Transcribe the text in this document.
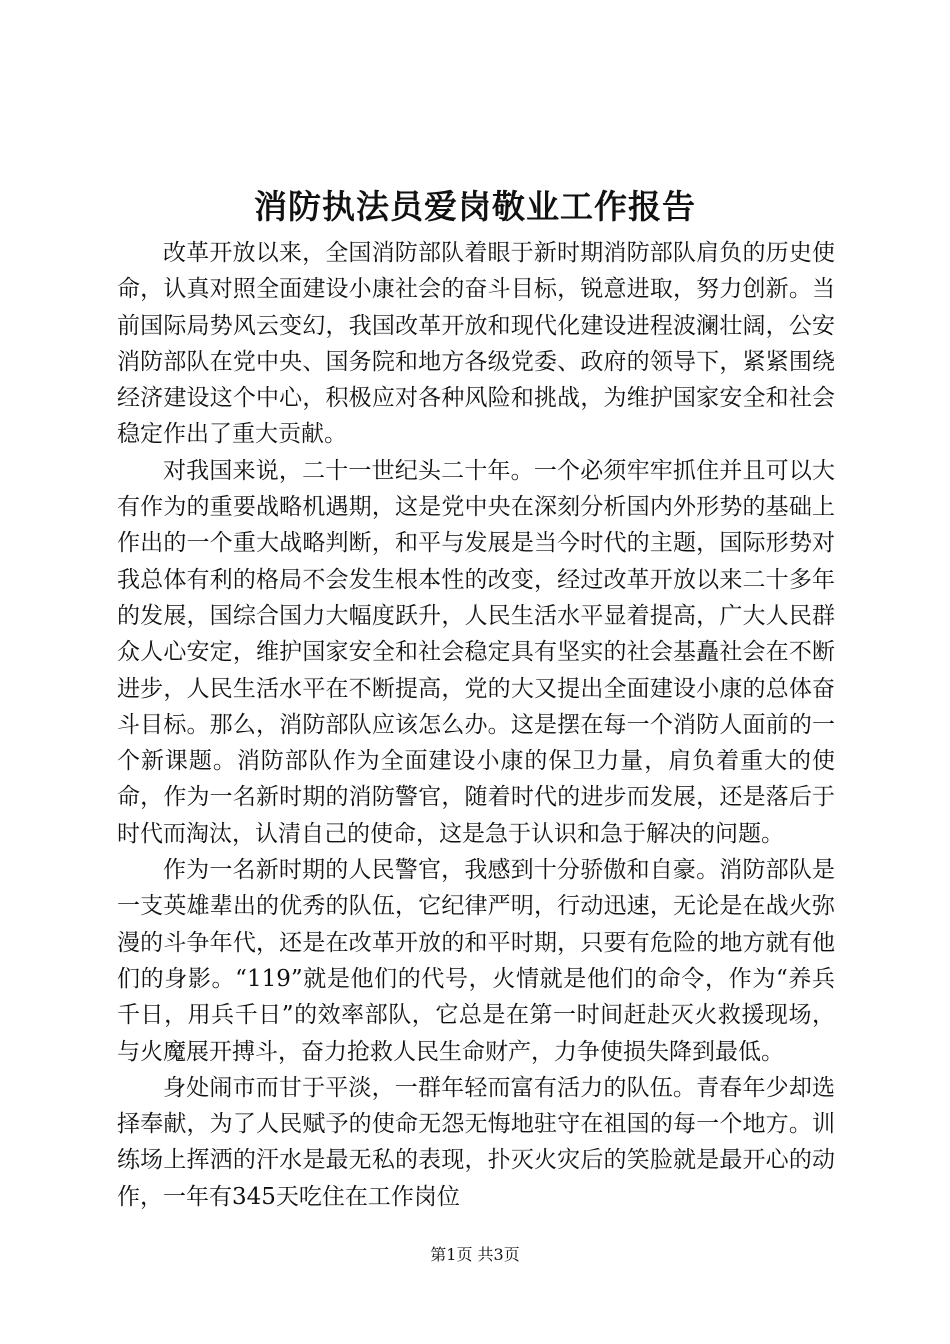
消防执法员爱岗敬业工作报告

改革开放以来，全国消防部队着眼于新时期消防部队肩负的历史使命，认真对照全面建设小康社会的奋斗目标，锐意进取，努力创新。当前国际局势风云变幻，我国改革开放和现代化建设进程波澜壮阔，公安消防部队在党中央、国务院和地方各级党委、政府的领导下，紧紧围绕经济建设这个中心，积极应对各种风险和挑战，为维护国家安全和社会稳定作出了重大贡献。

对我国来说，二十一世纪头二十年。一个必须牢牢抓住并且可以大有作为的重要战略机遇期，这是党中央在深刻分析国内外形势的基础上作出的一个重大战略判断，和平与发展是当今时代的主题，国际形势对我总体有利的格局不会发生根本性的改变，经过改革开放以来二十多年的发展，国综合国力大幅度跃升，人民生活水平显着提高，广大人民群众人心安定，维护国家安全和社会稳定具有坚实的社会基矗社会在不断进步，人民生活水平在不断提高，党的大又提出全面建设小康的总体奋斗目标。那么，消防部队应该怎么办。这是摆在每一个消防人面前的一个新课题。消防部队作为全面建设小康的保卫力量，肩负着重大的使命，作为一名新时期的消防警官，随着时代的进步而发展，还是落后于时代而淘汰，认清自己的使命，这是急于认识和急于解决的问题。

作为一名新时期的人民警官，我感到十分骄傲和自豪。消防部队是一支英雄辈出的优秀的队伍，它纪律严明，行动迅速，无论是在战火弥漫的斗争年代，还是在改革开放的和平时期，只要有危险的地方就有他们的身影。“119”就是他们的代号，火情就是他们的命令，作为“养兵千日，用兵千日”的效率部队，它总是在第一时间赶赴灭火救援现场，与火魔展开搏斗，奋力抢救人民生命财产，力争使损失降到最低。

身处闹市而甘于平淡，一群年轻而富有活力的队伍。青春年少却选择奉献，为了人民赋予的使命无怨无悔地驻守在祖国的每一个地方。训练场上挥洒的汗水是最无私的表现，扑灭火灾后的笑脸就是最开心的动作，一年有345天吃住在工作岗位

第1页 共3页
